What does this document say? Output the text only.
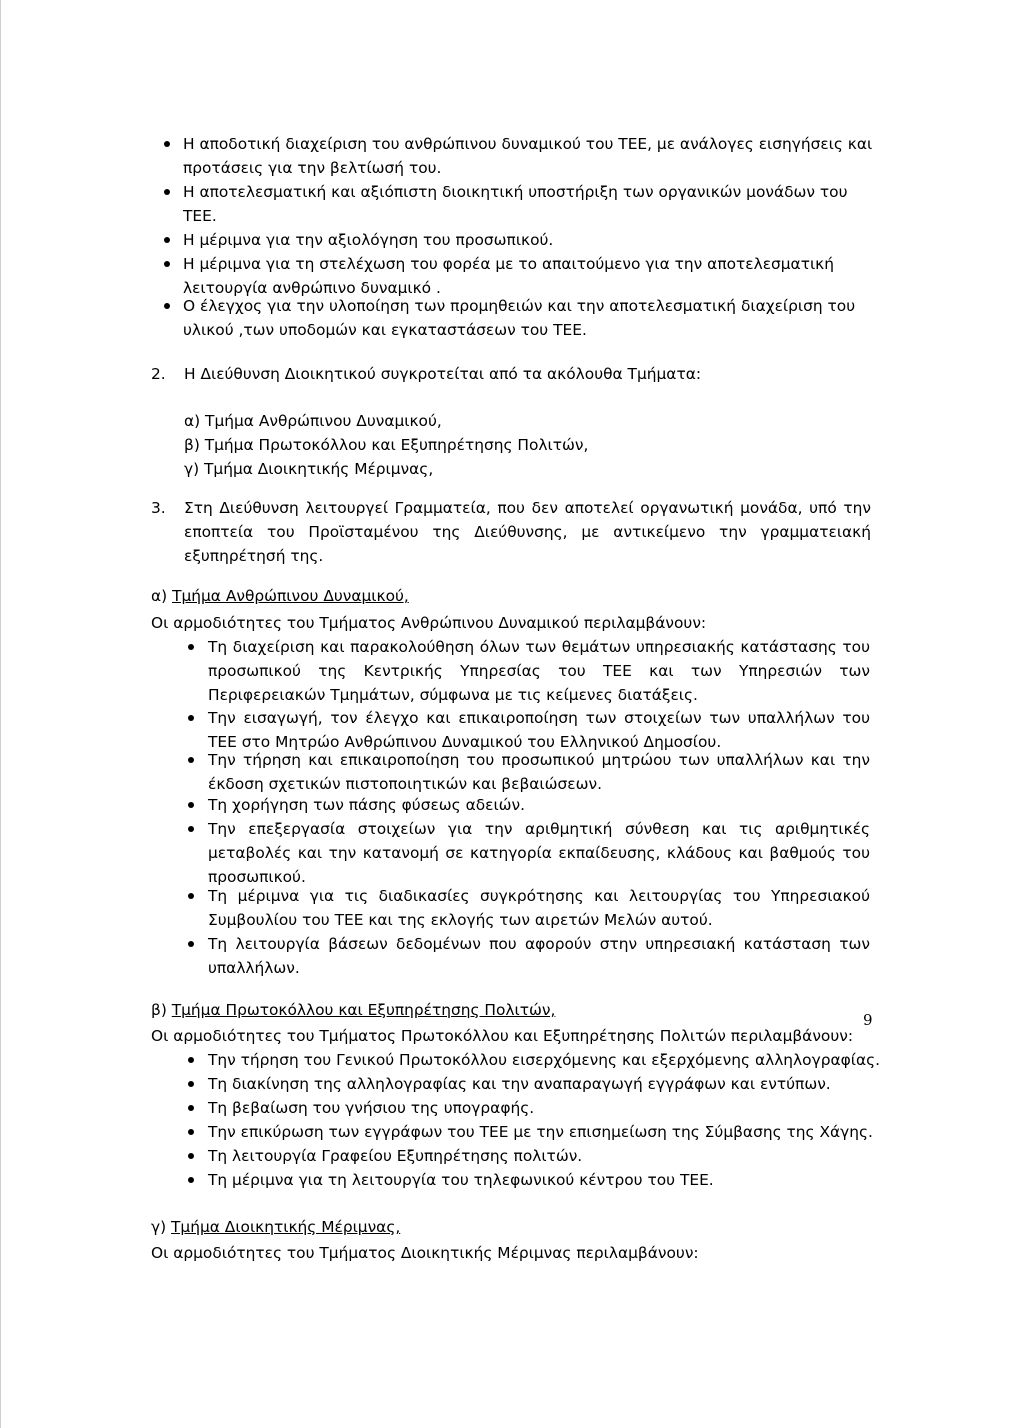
Η αποδοτική διαχείριση του ανθρώπινου δυναμικού του ΤΕΕ, με ανάλογες εισηγήσεις και προτάσεις για την βελτίωσή του.

Η αποτελεσματική και αξιόπιστη διοικητική υποστήριξη των οργανικών μονάδων του ΤΕΕ.

Η μέριμνα για την αξιολόγηση του προσωπικού.

Η μέριμνα για τη στελέχωση του φορέα με το απαιτούμενο για την αποτελεσματική λειτουργία ανθρώπινο δυναμικό .

Ο έλεγχος για την υλοποίηση των προμηθειών και την αποτελεσματική διαχείριση του υλικού ,των υποδομών και εγκαταστάσεων του ΤΕΕ.

2.	Η Διεύθυνση Διοικητικού συγκροτείται από τα ακόλουθα Τμήματα:

α) Τμήμα Ανθρώπινου Δυναμικού,

β) Τμήμα Πρωτοκόλλου και Εξυπηρέτησης Πολιτών,

γ) Τμήμα Διοικητικής Μέριμνας,

3.	Στη Διεύθυνση λειτουργεί Γραμματεία, που δεν αποτελεί οργανωτική μονάδα, υπό την εποπτεία του Προϊσταμένου της Διεύθυνσης, με αντικείμενο την γραμματειακή εξυπηρέτησή της.

α) Τμήμα Ανθρώπινου Δυναμικού,

Οι αρμοδιότητες του Τμήματος Ανθρώπινου Δυναμικού περιλαμβάνουν:

Τη διαχείριση και παρακολούθηση όλων των θεμάτων υπηρεσιακής κατάστασης του προσωπικού της Κεντρικής Υπηρεσίας του ΤΕΕ και των Υπηρεσιών των Περιφερειακών Τμημάτων, σύμφωνα με τις κείμενες διατάξεις.

Την εισαγωγή, τον έλεγχο και επικαιροποίηση των στοιχείων των υπαλλήλων του ΤΕΕ στο Μητρώο Ανθρώπινου Δυναμικού του Ελληνικού Δημοσίου.

Την τήρηση και επικαιροποίηση του προσωπικού μητρώου των υπαλλήλων και την έκδοση σχετικών πιστοποιητικών και βεβαιώσεων.

Τη χορήγηση των πάσης φύσεως αδειών.

Την επεξεργασία στοιχείων για την αριθμητική σύνθεση και τις αριθμητικές μεταβολές και την κατανομή σε κατηγορία εκπαίδευσης, κλάδους και βαθμούς του προσωπικού.

Τη μέριμνα για τις διαδικασίες συγκρότησης και λειτουργίας του Υπηρεσιακού Συμβουλίου του ΤΕΕ και της εκλογής των αιρετών Μελών αυτού.

Τη λειτουργία βάσεων δεδομένων που αφορούν στην υπηρεσιακή κατάσταση των υπαλλήλων.

β) Τμήμα Πρωτοκόλλου και Εξυπηρέτησης Πολιτών,

Οι αρμοδιότητες του Τμήματος Πρωτοκόλλου και Εξυπηρέτησης Πολιτών περιλαμβάνουν:

Την τήρηση του Γενικού Πρωτοκόλλου εισερχόμενης και εξερχόμενης αλληλογραφίας.

Τη διακίνηση της αλληλογραφίας και την αναπαραγωγή εγγράφων και εντύπων.

Τη βεβαίωση του γνήσιου της υπογραφής.

Την επικύρωση των εγγράφων του ΤΕΕ με την επισημείωση της Σύμβασης της Χάγης.

Τη λειτουργία Γραφείου Εξυπηρέτησης πολιτών.

Τη μέριμνα για τη λειτουργία του τηλεφωνικού κέντρου του ΤΕΕ.

γ) Τμήμα Διοικητικής Μέριμνας,

Οι αρμοδιότητες του Τμήματος Διοικητικής Μέριμνας περιλαμβάνουν:

9
